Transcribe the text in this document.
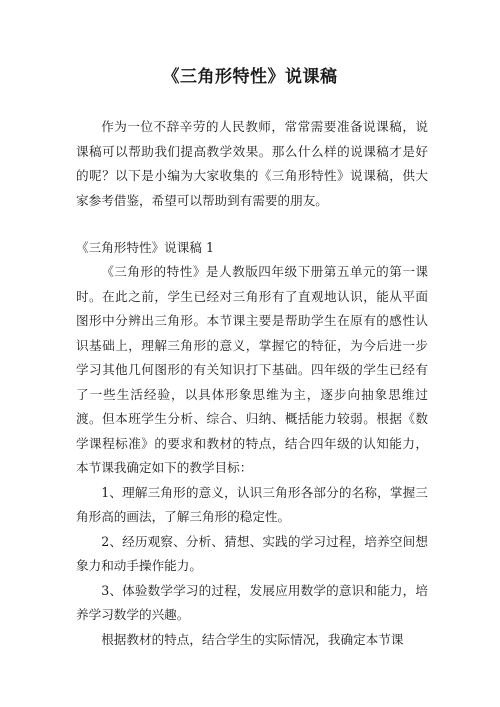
《三角形特性》说课稿

作为一位不辞辛劳的人民教师，常常需要准备说课稿，说课稿可以帮助我们提高教学效果。那么什么样的说课稿才是好的呢？以下是小编为大家收集的《三角形特性》说课稿，供大家参考借鉴，希望可以帮助到有需要的朋友。

《三角形特性》说课稿 1

《三角形的特性》是人教版四年级下册第五单元的第一课时。在此之前，学生已经对三角形有了直观地认识，能从平面图形中分辨出三角形。本节课主要是帮助学生在原有的感性认识基础上，理解三角形的意义，掌握它的特征，为今后进一步学习其他几何图形的有关知识打下基础。四年级的学生已经有了一些生活经验，以具体形象思维为主，逐步向抽象思维过渡。但本班学生分析、综合、归纳、概括能力较弱。根据《数学课程标准》的要求和教材的特点，结合四年级的认知能力，本节课我确定如下的教学目标：

1、理解三角形的意义，认识三角形各部分的名称，掌握三角形高的画法，了解三角形的稳定性。

2、经历观察、分析、猜想、实践的学习过程，培养空间想象力和动手操作能力。

3、体验数学学习的过程，发展应用数学的意识和能力，培养学习数学的兴趣。

根据教材的特点，结合学生的实际情况，我确定本节课
